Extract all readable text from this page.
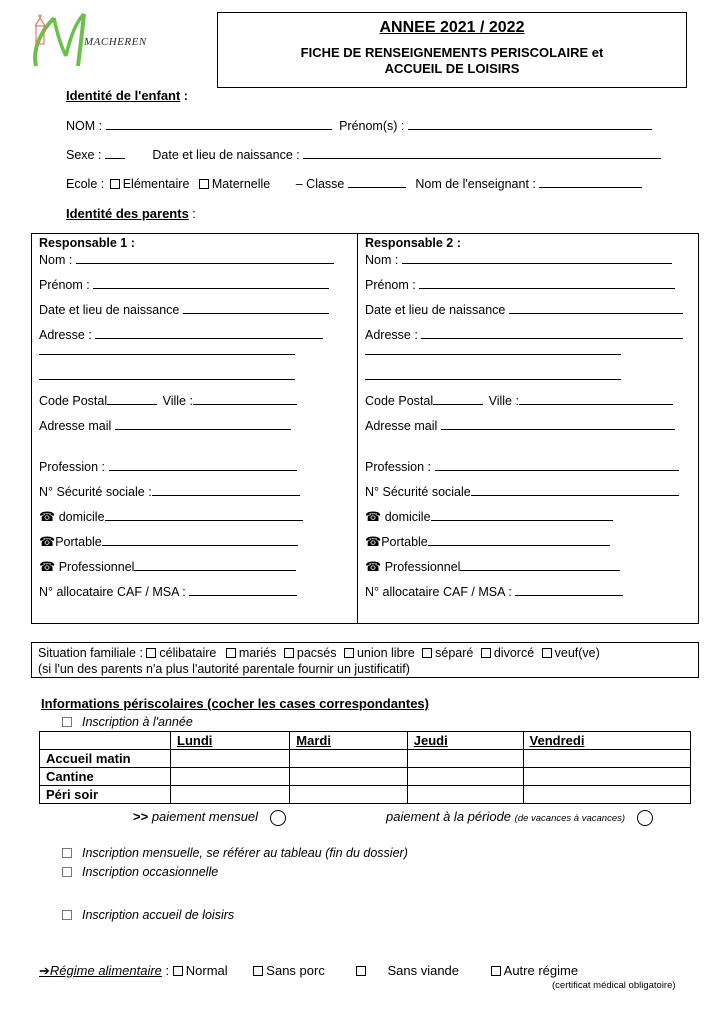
MACHEREN
ANNEE 2021 / 2022
FICHE DE RENSEIGNEMENTS PERISCOLAIRE et
ACCUEIL DE LOISIRS
Identité de l'enfant :
NOM :	Prénom(s) :
Sexe :	Date et lieu de naissance :
Ecole : Elémentaire Maternelle – Classe	Nom de l'enseignant :
Identité des parents :
Responsable 1 :
Nom :
Prénom :
Date et lieu de naissance
Adresse :
Code Postal	Ville :
Adresse mail
Profession :
N° Sécurité sociale :
☎ domicile
☎Portable
☎ Professionnel
N° allocataire CAF / MSA :
Responsable 2 :
Nom :
Prénom :
Date et lieu de naissance
Adresse :
Code Postal	Ville :
Adresse mail
Profession :
N° Sécurité sociale
☎ domicile
☎Portable
☎ Professionnel
N° allocataire CAF / MSA :
Situation familiale : célibataire mariés pacsés union libre séparé divorcé veuf(ve)
(si l'un des parents n'a plus l'autorité parentale fournir un justificatif)
Informations périscolaires (cocher les cases correspondantes)
Inscription à l'année
	Lundi	Mardi	Jeudi	Vendredi
Accueil matin				
Cantine				
Péri soir				
>> paiement mensuel	paiement à la période (de vacances à vacances)
Inscription mensuelle, se référer au tableau (fin du dossier)
Inscription occasionnelle
Inscription accueil de loisirs
➔Régime alimentaire : Normal	Sans porc	Sans viande	Autre régime
(certificat médical obligatoire)
